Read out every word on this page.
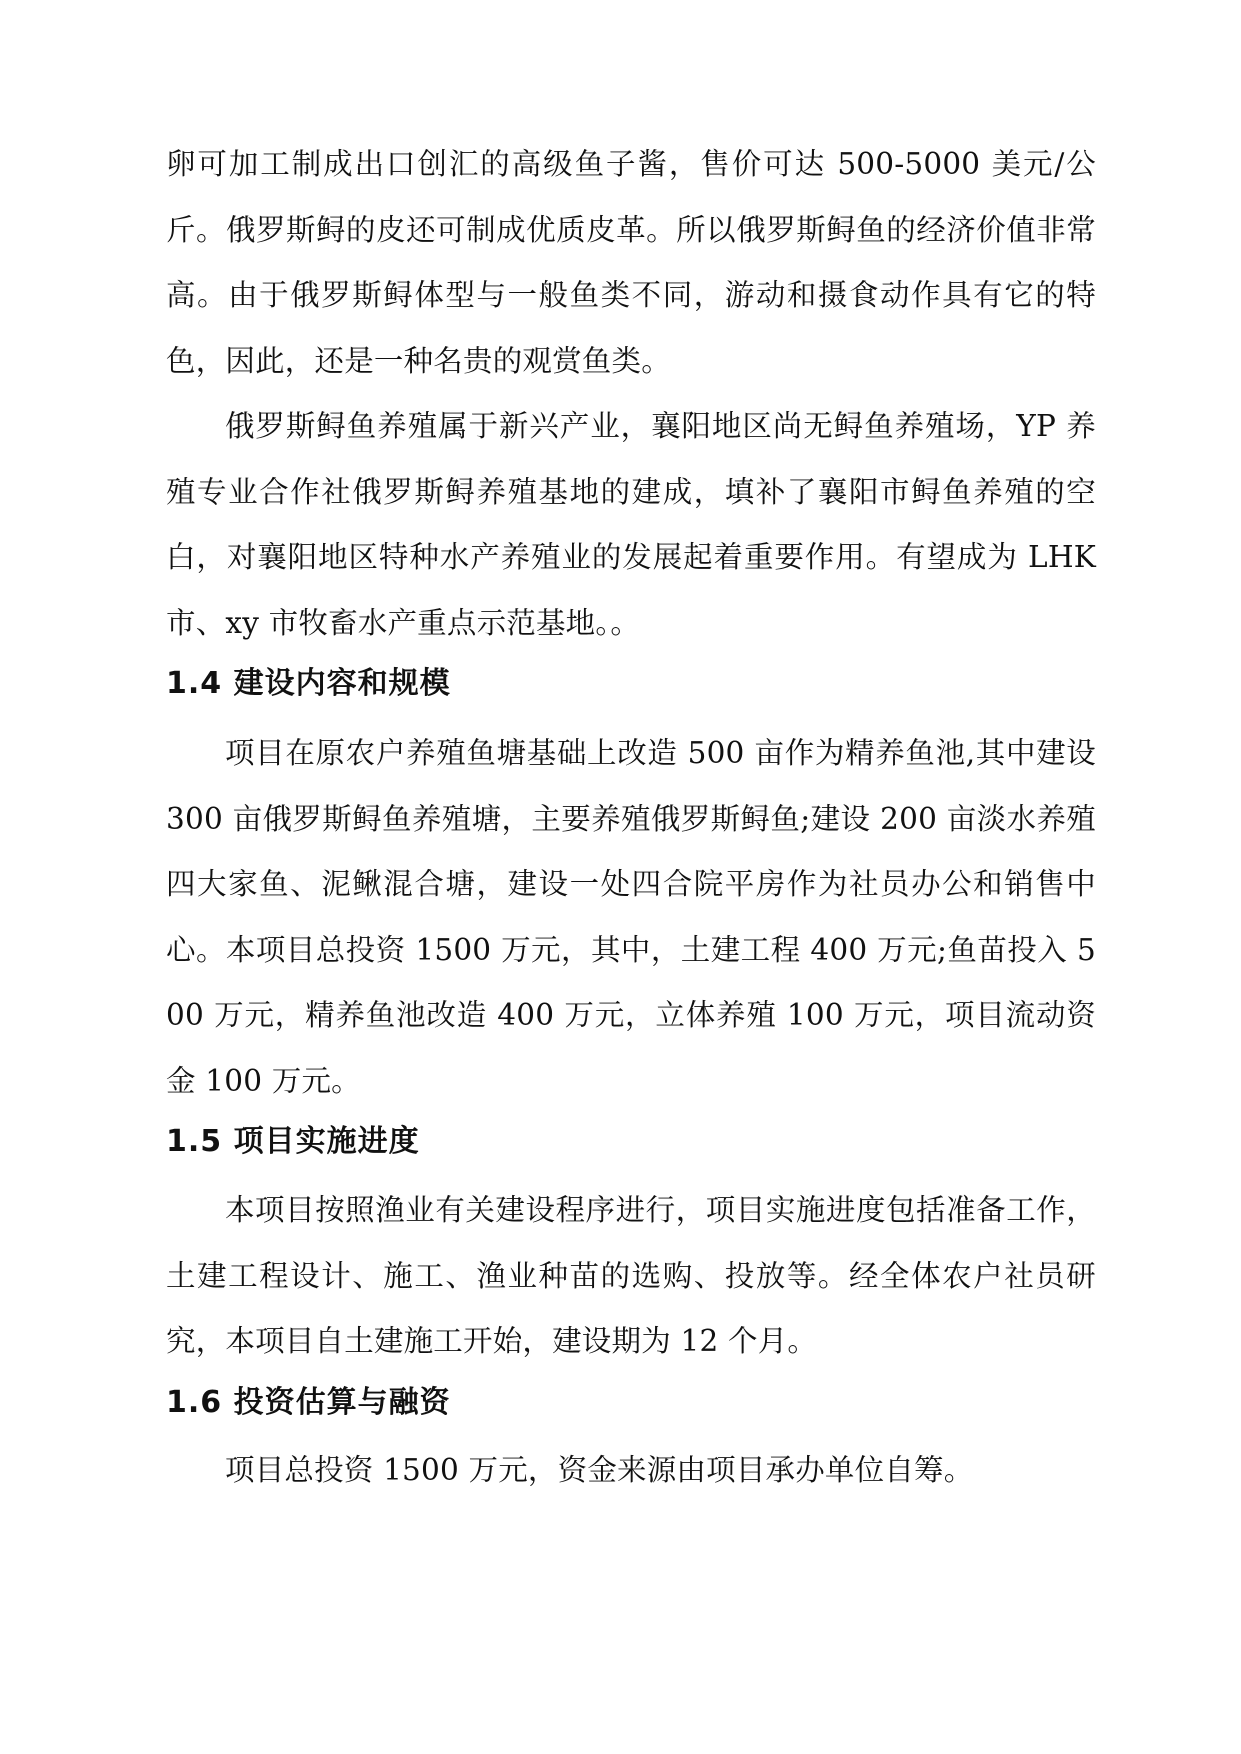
卵可加工制成出口创汇的高级鱼子酱，售价可达 500-5000 美元/公斤。俄罗斯鲟的皮还可制成优质皮革。所以俄罗斯鲟鱼的经济价值非常高。由于俄罗斯鲟体型与一般鱼类不同，游动和摄食动作具有它的特色，因此，还是一种名贵的观赏鱼类。

俄罗斯鲟鱼养殖属于新兴产业，襄阳地区尚无鲟鱼养殖场，YP 养殖专业合作社俄罗斯鲟养殖基地的建成，填补了襄阳市鲟鱼养殖的空白，对襄阳地区特种水产养殖业的发展起着重要作用。有望成为 LHK 市、xy 市牧畜水产重点示范基地。。

1.4 建设内容和规模

项目在原农户养殖鱼塘基础上改造 500 亩作为精养鱼池,其中建设 300 亩俄罗斯鲟鱼养殖塘，主要养殖俄罗斯鲟鱼;建设 200 亩淡水养殖四大家鱼、泥鳅混合塘，建设一处四合院平房作为社员办公和销售中心。本项目总投资 1500 万元，其中，土建工程 400 万元;鱼苗投入 500 万元，精养鱼池改造 400 万元，立体养殖 100 万元，项目流动资金 100 万元。

1.5 项目实施进度

本项目按照渔业有关建设程序进行，项目实施进度包括准备工作，土建工程设计、施工、渔业种苗的选购、投放等。经全体农户社员研究，本项目自土建施工开始，建设期为 12 个月。

1.6 投资估算与融资

项目总投资 1500 万元，资金来源由项目承办单位自筹。
